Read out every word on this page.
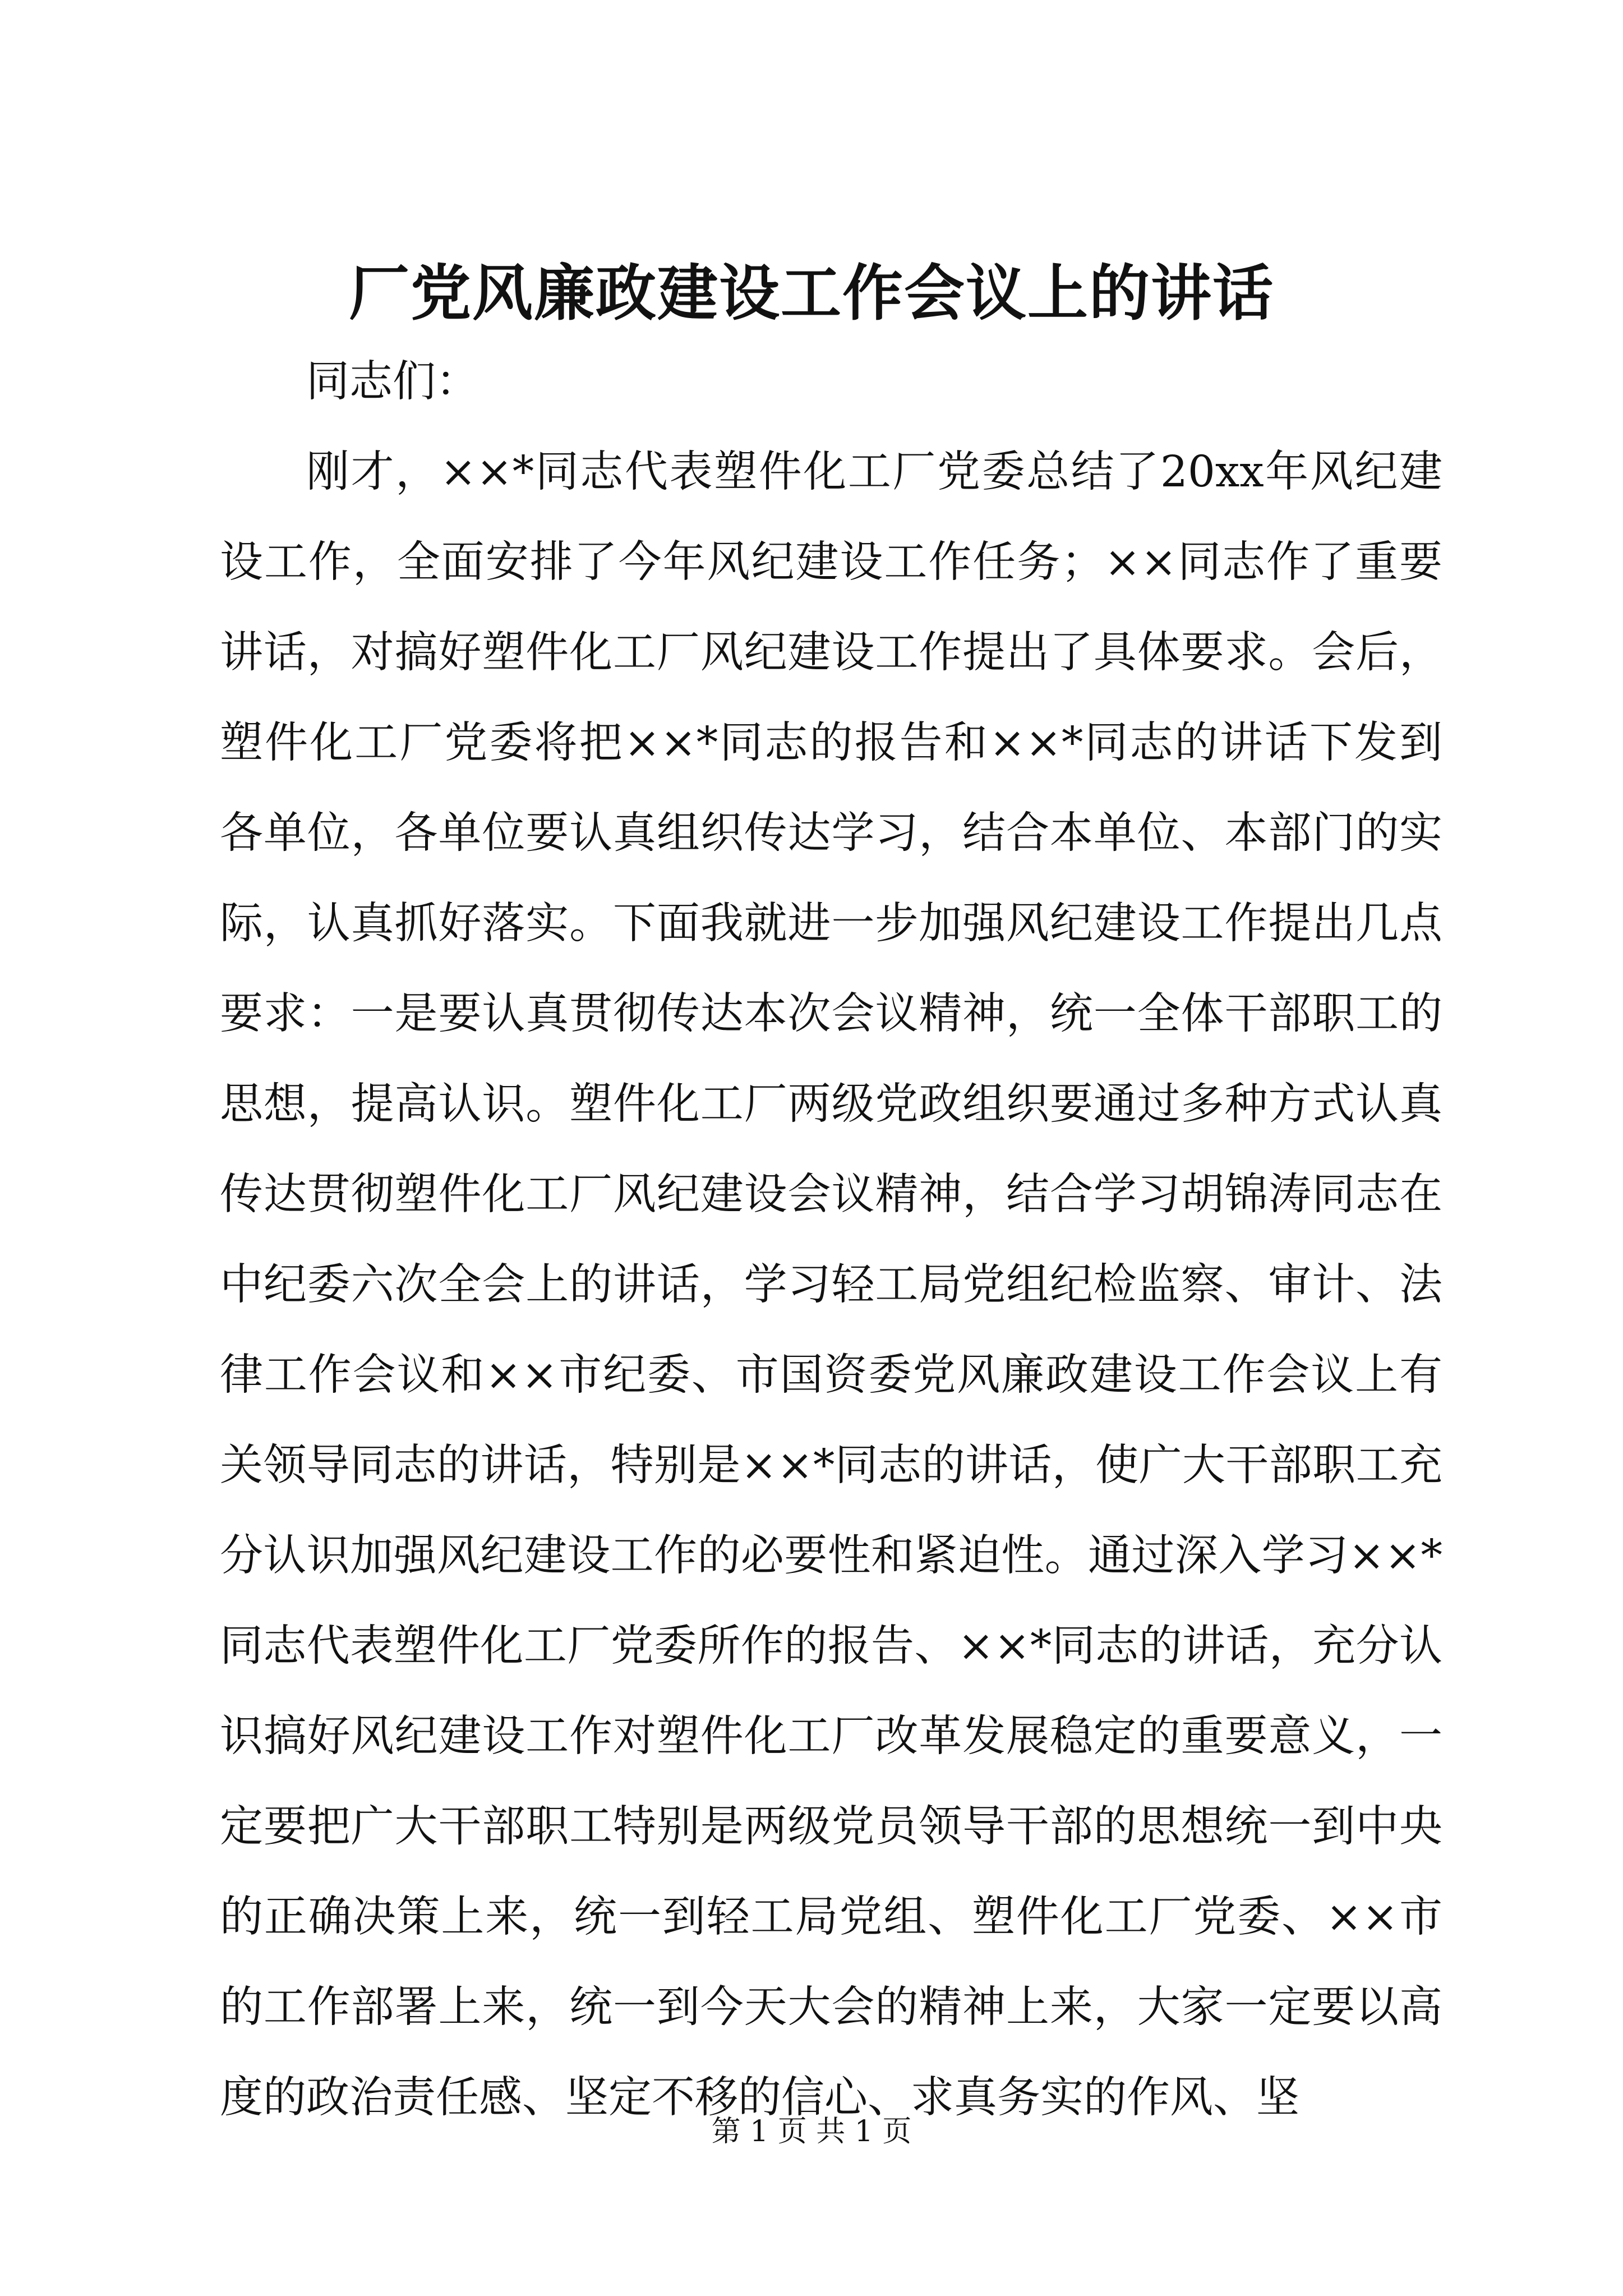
厂党风廉政建设工作会议上的讲话

同志们：

刚才，××*同志代表塑件化工厂党委总结了20xx年风纪建设工作，全面安排了今年风纪建设工作任务；××同志作了重要讲话，对搞好塑件化工厂风纪建设工作提出了具体要求。会后，塑件化工厂党委将把××*同志的报告和××*同志的讲话下发到各单位，各单位要认真组织传达学习，结合本单位、本部门的实际，认真抓好落实。下面我就进一步加强风纪建设工作提出几点要求：一是要认真贯彻传达本次会议精神，统一全体干部职工的思想，提高认识。塑件化工厂两级党政组织要通过多种方式认真传达贯彻塑件化工厂风纪建设会议精神，结合学习胡锦涛同志在中纪委六次全会上的讲话，学习轻工局党组纪检监察、审计、法律工作会议和××市纪委、市国资委党风廉政建设工作会议上有关领导同志的讲话，特别是××*同志的讲话，使广大干部职工充分认识加强风纪建设工作的必要性和紧迫性。通过深入学习××*同志代表塑件化工厂党委所作的报告、××*同志的讲话，充分认识搞好风纪建设工作对塑件化工厂改革发展稳定的重要意义，一定要把广大干部职工特别是两级党员领导干部的思想统一到中央的正确决策上来，统一到轻工局党组、塑件化工厂党委、××市的工作部署上来，统一到今天大会的精神上来，大家一定要以高度的政治责任感、坚定不移的信心、求真务实的作风、坚

第 1 页 共 1 页
